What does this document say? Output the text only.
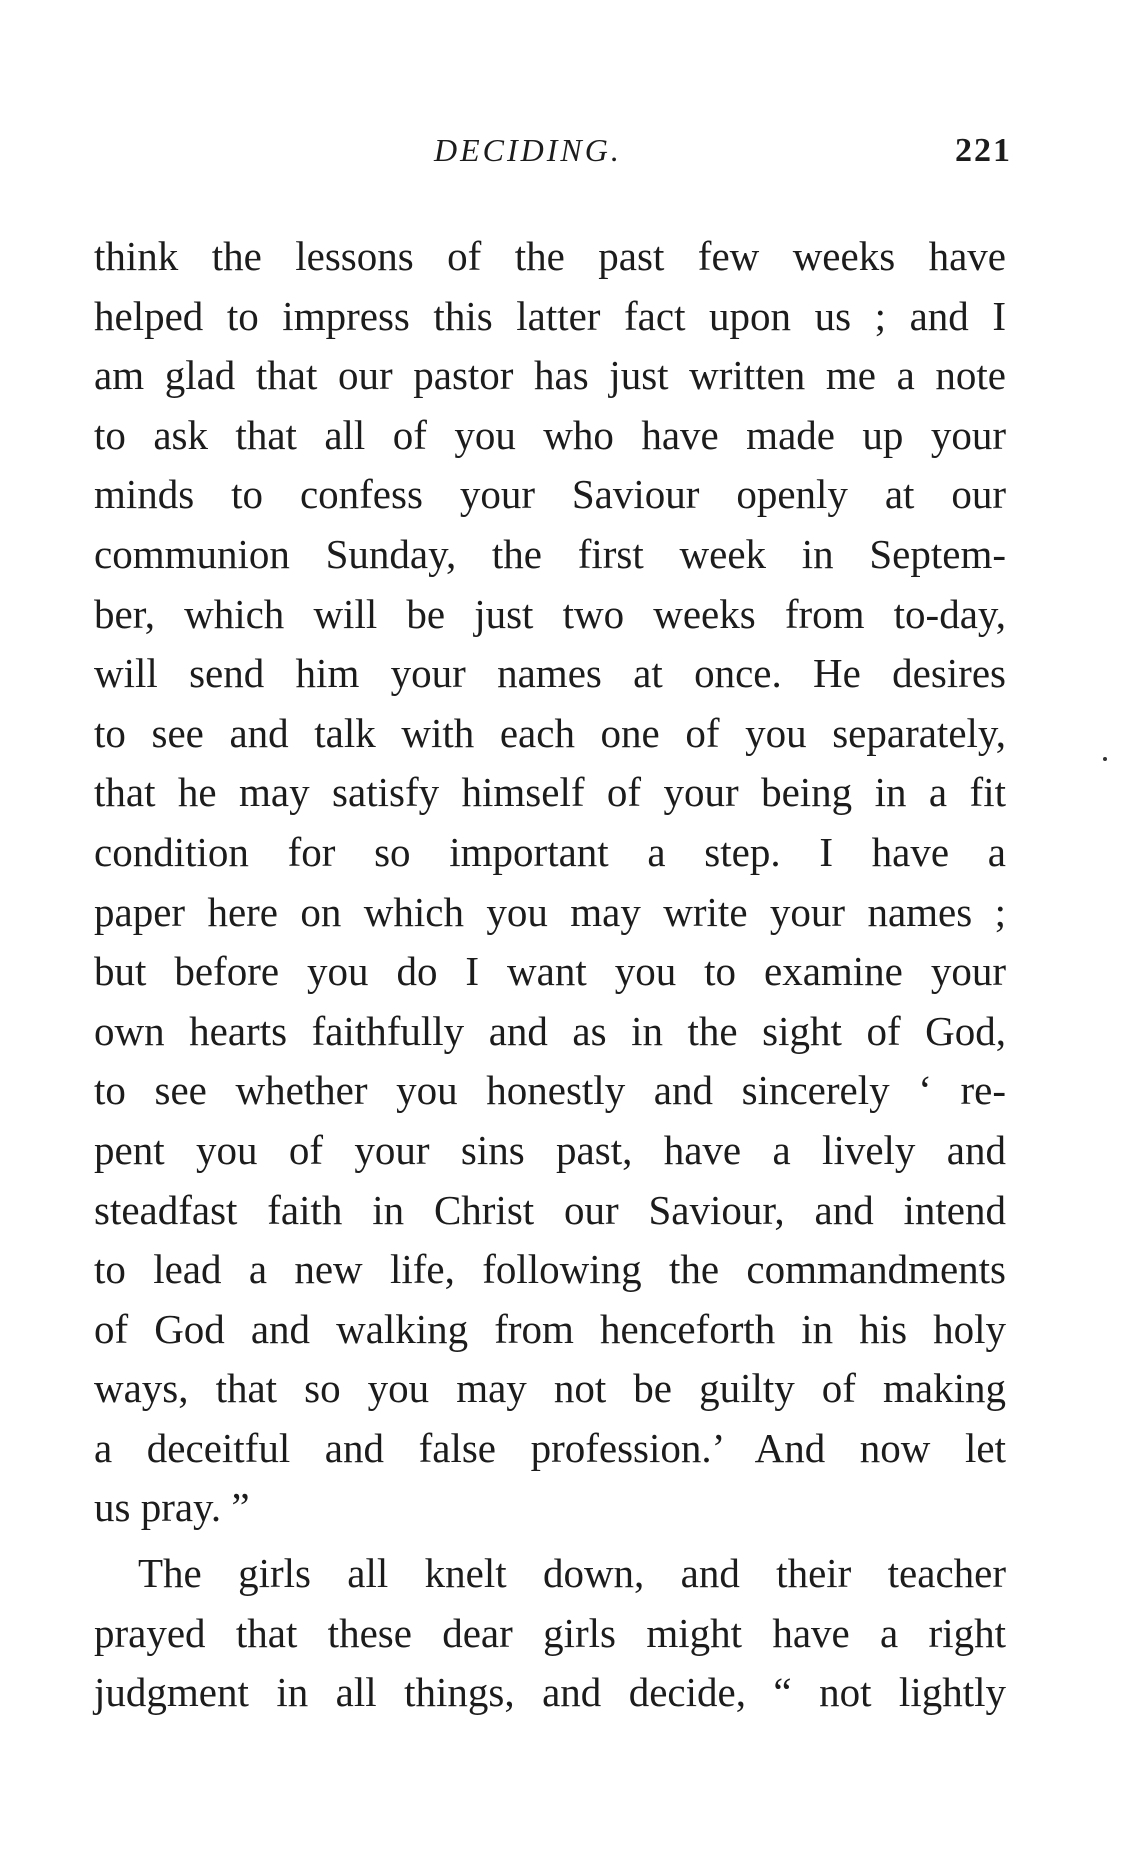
DECIDING.	221
think the lessons of the past few weeks have
helped to impress this latter fact upon us ; and I
am glad that our pastor has just written me a note
to ask that all of you who have made up your
minds to confess your Saviour openly at our
communion Sunday, the first week in Septem-
ber, which will be just two weeks from to-day,
will send him your names at once. He desires
to see and talk with each one of you separately,
that he may satisfy himself of your being in a fit
condition for so important a step. I have a
paper here on which you may write your names ;
but before you do I want you to examine your
own hearts faithfully and as in the sight of God,
to see whether you honestly and sincerely ‘ re-
pent you of your sins past, have a lively and
steadfast faith in Christ our Saviour, and intend
to lead a new life, following the commandments
of God and walking from henceforth in his holy
ways, that so you may not be guilty of making
a deceitful and false profession.’ And now let
us pray. ”
The girls all knelt down, and their teacher
prayed that these dear girls might have a right
judgment in all things, and decide, “ not lightly
